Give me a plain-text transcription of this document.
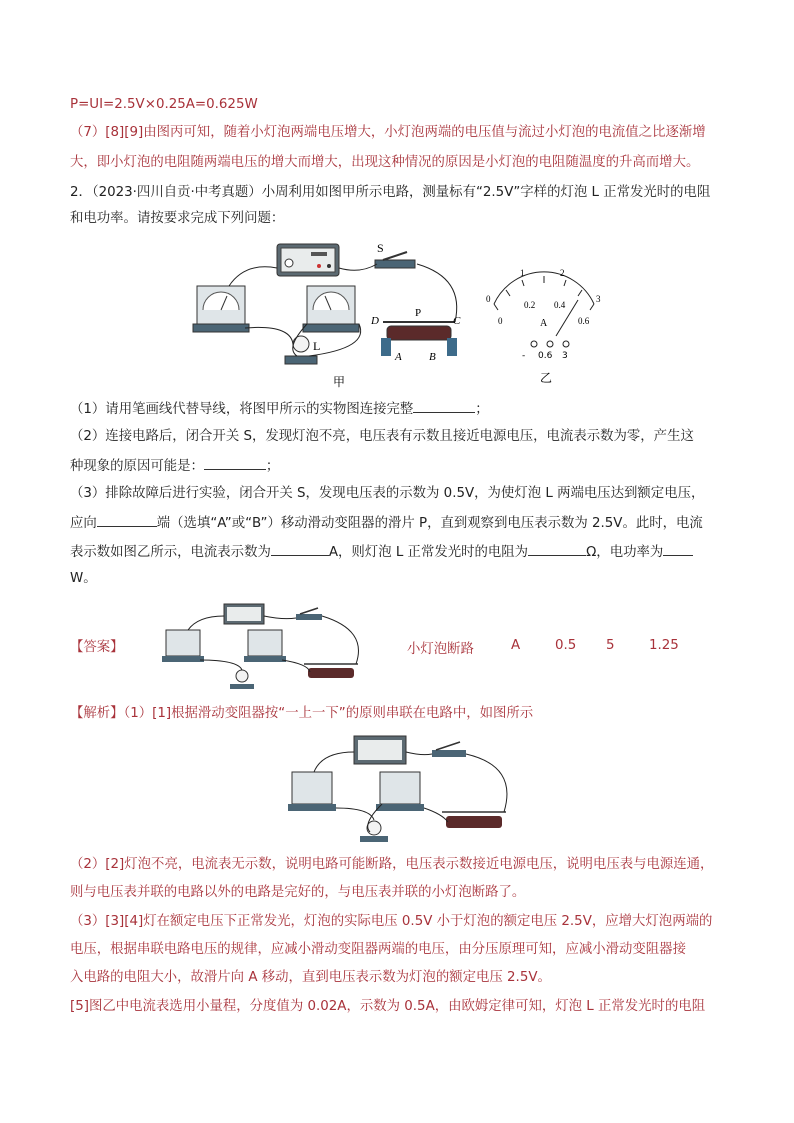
P=UI=2.5V×0.25A=0.625W
（7）[8][9]由图丙可知，随着小灯泡两端电压增大，小灯泡两端的电压值与流过小灯泡的电流值之比逐渐增
大，即小灯泡的电阻随两端电压的增大而增大，出现这种情况的原因是小灯泡的电阻随温度的升高而增大。
2．（2023·四川自贡·中考真题）小周利用如图甲所示电路，测量标有“2.5V”字样的灯泡 L 正常发光时的电阻
和电功率。请按要求完成下列问题：
S
L
D
P
C
A B
甲
0
1	2
3
0
0.2 0.4
0.6
A
- 0.6 3
乙
（1）请用笔画线代替导线，将图甲所示的实物图连接完整	；
（2）连接电路后，闭合开关 S，发现灯泡不亮，电压表有示数且接近电源电压，电流表示数为零，产生这
种现象的原因可能是：	；
（3）排除故障后进行实验，闭合开关 S，发现电压表的示数为 0.5V，为使灯泡 L 两端电压达到额定电压，
应向	端（选填“A”或“B”）移动滑动变阻器的滑片 P，直到观察到电压表示数为 2.5V。此时，电流
表示数如图乙所示，电流表示数为	A，则灯泡 L 正常发光时的电阻为	Ω，电功率为
W。
【答案】	小灯泡断路	A	0.5 5	1.25
【解析】（1）[1]根据滑动变阻器按“一上一下”的原则串联在电路中，如图所示
（2）[2]灯泡不亮，电流表无示数，说明电路可能断路，电压表示数接近电源电压，说明电压表与电源连通，
则与电压表并联的电路以外的电路是完好的，与电压表并联的小灯泡断路了。
（3）[3][4]灯在额定电压下正常发光，灯泡的实际电压 0.5V 小于灯泡的额定电压 2.5V，应增大灯泡两端的
电压，根据串联电路电压的规律，应减小滑动变阻器两端的电压，由分压原理可知，应减小滑动变阻器接
入电路的电阻大小，故滑片向 A 移动，直到电压表示数为灯泡的额定电压 2.5V。
[5]图乙中电流表选用小量程，分度值为 0.02A，示数为 0.5A，由欧姆定律可知，灯泡 L 正常发光时的电阻
